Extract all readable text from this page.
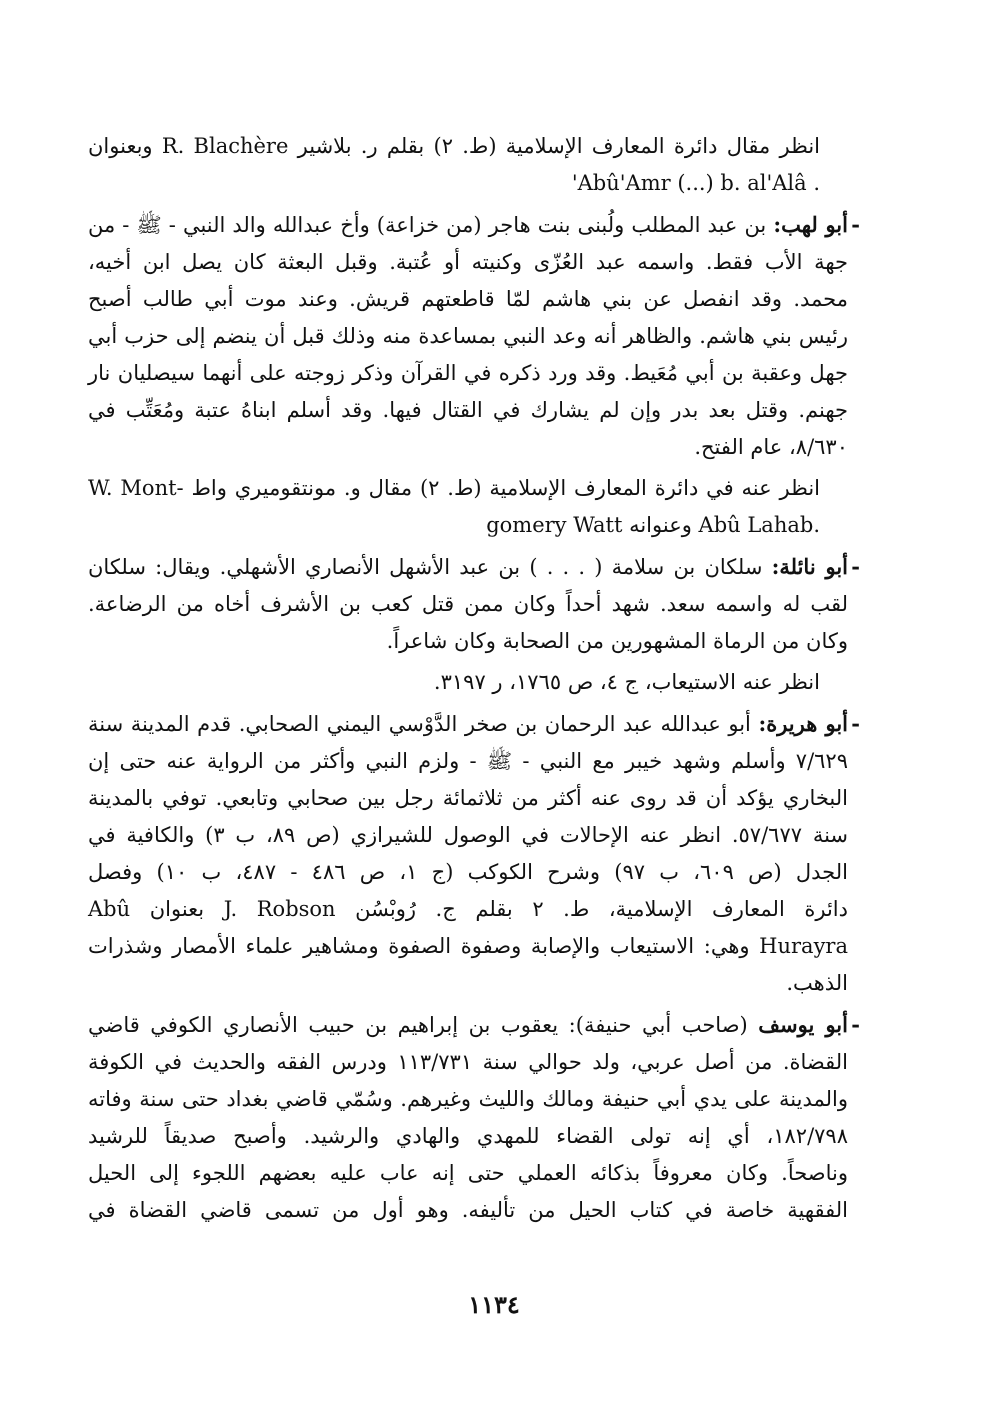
انظر مقال دائرة المعارف الإسلامية (ط. ٢) بقلم ر. بلاشير R. Blachère وبعنوان
. Abû'Amr (...) b. al'Alâ'
-
أبو لهب: بن عبد المطلب ولُبنى بنت هاجر (من خزاعة) وأخ عبدالله والد النبي - ﷺ - من
جهة الأب فقط. واسمه عبد العُزّى وكنيته أو عُتبة. وقبل البعثة كان يصل ابن أخيه،
محمد. وقد انفصل عن بني هاشم لمّا قاطعتهم قريش. وعند موت أبي طالب أصبح
رئيس بني هاشم. والظاهر أنه وعد النبي بمساعدة منه وذلك قبل أن ينضم إلى حزب أبي
جهل وعقبة بن أبي مُعَيط. وقد ورد ذكره في القرآن وذكر زوجته على أنهما سيصليان نار
جهنم. وقتل بعد بدر وإن لم يشارك في القتال فيها. وقد أسلم ابناهُ عتبة ومُعَتِّب في
٨/٦٣٠، عام الفتح.
انظر عنه في دائرة المعارف الإسلامية (ط. ٢) مقال و. مونتقوميري واط -W. Mont
.Abû Lahab وعنوانه gomery Watt
-
أبو نائلة: سلكان بن سلامة ( . . . ) بن عبد الأشهل الأنصاري الأشهلي. ويقال: سلكان
لقب له واسمه سعد. شهد أحداً وكان ممن قتل كعب بن الأشرف أخاه من الرضاعة.
وكان من الرماة المشهورين من الصحابة وكان شاعراً.
انظر عنه الاستيعاب، ج ٤، ص ١٧٦٥، ر ٣١٩٧.
-
أبو هريرة: أبو عبدالله عبد الرحمان بن صخر الدَّوْسي اليمني الصحابي. قدم المدينة سنة
٧/٦٢٩ وأسلم وشهد خيبر مع النبي - ﷺ - ولزم النبي وأكثر من الرواية عنه حتى إن
البخاري يؤكد أن قد روى عنه أكثر من ثلاثمائة رجل بين صحابي وتابعي. توفي بالمدينة
سنة ٥٧/٦٧٧. انظر عنه الإحالات في الوصول للشيرازي (ص ٨٩، ب ٣) والكافية في
الجدل (ص ٦٠٩، ب ٩٧) وشرح الكوكب (ج ١، ص ٤٨٦ - ٤٨٧، ب ١٠) وفصل
دائرة المعارف الإسلامية، ط. ٢ بقلم ج. رُوبْسُن J. Robson بعنوان Abû
Hurayra وهي: الاستيعاب والإصابة وصفوة الصفوة ومشاهير علماء الأمصار وشذرات
الذهب.
-
أبو يوسف (صاحب أبي حنيفة): يعقوب بن إبراهيم بن حبيب الأنصاري الكوفي قاضي
القضاة. من أصل عربي، ولد حوالي سنة ١١٣/٧٣١ ودرس الفقه والحديث في الكوفة
والمدينة على يدي أبي حنيفة ومالك والليث وغيرهم. وسُمّي قاضي بغداد حتى سنة وفاته
١٨٢/٧٩٨، أي إنه تولى القضاء للمهدي والهادي والرشيد. وأصبح صديقاً للرشيد
وناصحاً. وكان معروفاً بذكائه العملي حتى إنه عاب عليه بعضهم اللجوء إلى الحيل
الفقهية خاصة في كتاب الحيل من تأليفه. وهو أول من تسمى قاضي القضاة في
١١٣٤
